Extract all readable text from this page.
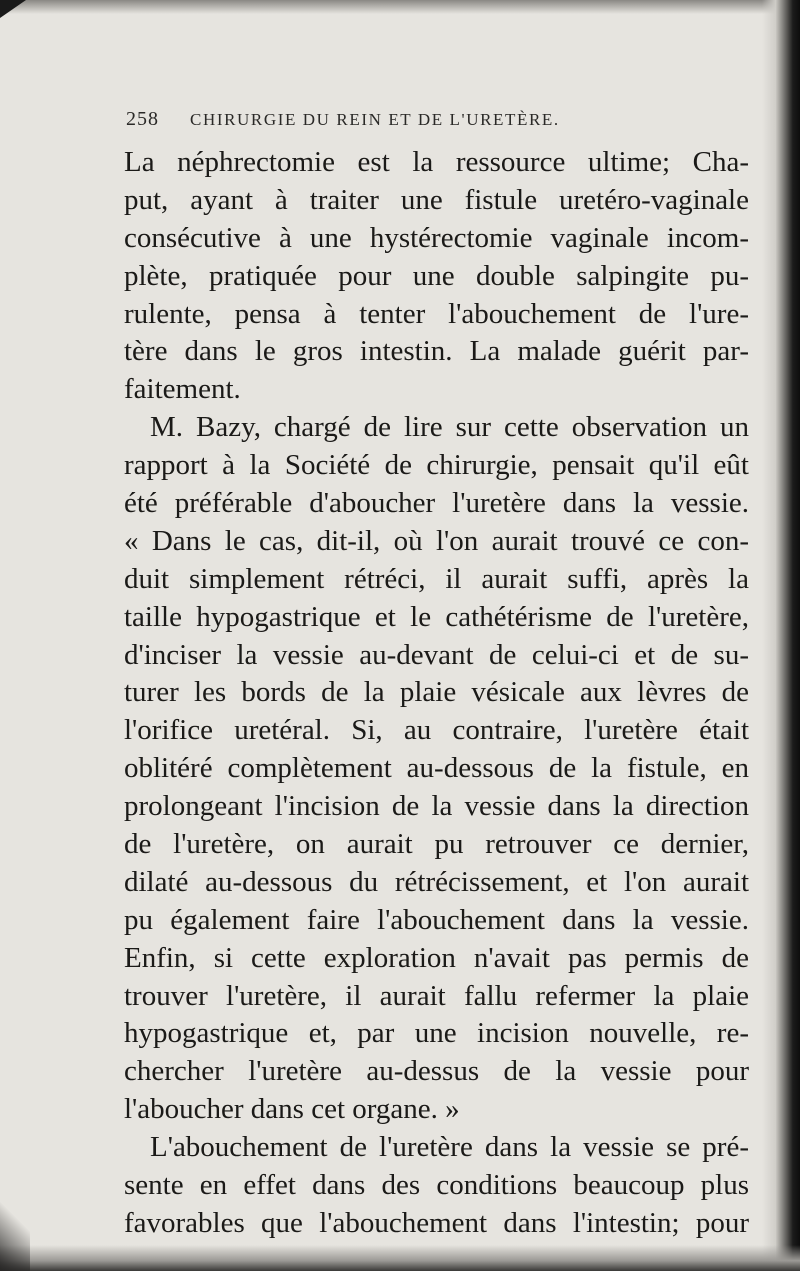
258 CHIRURGIE DU REIN ET DE L'URETÈRE.
La néphrectomie est la ressource ultime; Cha-
put, ayant à traiter une fistule uretéro-vaginale
consécutive à une hystérectomie vaginale incom-
plète, pratiquée pour une double salpingite pu-
rulente, pensa à tenter l'abouchement de l'ure-
tère dans le gros intestin. La malade guérit par-
faitement.
M. Bazy, chargé de lire sur cette observation un
rapport à la Société de chirurgie, pensait qu'il eût
été préférable d'aboucher l'uretère dans la vessie.
« Dans le cas, dit-il, où l'on aurait trouvé ce con-
duit simplement rétréci, il aurait suffi, après la
taille hypogastrique et le cathétérisme de l'uretère,
d'inciser la vessie au-devant de celui-ci et de su-
turer les bords de la plaie vésicale aux lèvres de
l'orifice uretéral. Si, au contraire, l'uretère était
oblitéré complètement au-dessous de la fistule, en
prolongeant l'incision de la vessie dans la direction
de l'uretère, on aurait pu retrouver ce dernier,
dilaté au-dessous du rétrécissement, et l'on aurait
pu également faire l'abouchement dans la vessie.
Enfin, si cette exploration n'avait pas permis de
trouver l'uretère, il aurait fallu refermer la plaie
hypogastrique et, par une incision nouvelle, re-
chercher l'uretère au-dessus de la vessie pour
l'aboucher dans cet organe. »
L'abouchement de l'uretère dans la vessie se pré-
sente en effet dans des conditions beaucoup plus
favorables que l'abouchement dans l'intestin; pour
